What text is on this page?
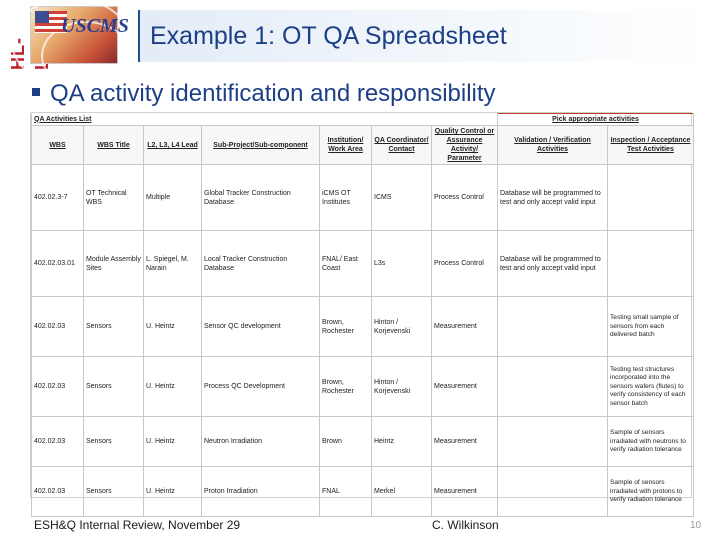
HL-L
USCMS Example 1: OT QA Spreadsheet
QA activity identification and responsibility
QA Activities List							Pick appropriate activities	
WBS	WBS Title	L2, L3, L4 Lead	Sub-Project/Sub-component	Institution/ Work Area	QA Coordinator/ Contact	Quality Control or Assurance Activity/ Parameter	Validation / Verification Activities	Inspection / Acceptance Test Activities
402.02.3-7	OT Technical WBS	Multiple	Global Tracker Construction Database	iCMS OT Institutes	ICMS	Process Control	Database will be programmed to test and only accept valid input	
402.02.03.01	Module Assembly Sites	L. Spiegel, M. Narain	Local Tracker Construction Database	FNAL/ East Coast	L3s	Process Control	Database will be programmed to test and only accept valid input	
402.02.03	Sensors	U. Heintz	Sensor QC development	Brown, Rochester	Hinton / Korjevenski	Measurement		Testing small sample of sensors from each delivered batch
402.02.03	Sensors	U. Heintz	Process QC Development	Brown, Rochester	Hinton / Korjevenski	Measurement		Testing test structures incorporated into the sensors wafers (flutes) to verify consistency of each sensor batch
402.02.03	Sensors	U. Heintz	Neutron Irradiation	Brown	Heintz	Measurement		Sample of sensors irradiated with neutrons to verify radiation tolerance
402.02.03	Sensors	U. Heintz	Proton Irradiation	FNAL	Merkel	Measurement		Sample of sensors irradiated with protons to verify radiation tolerance
ESH&Q Internal Review, November 29	C. Wilkinson	10
